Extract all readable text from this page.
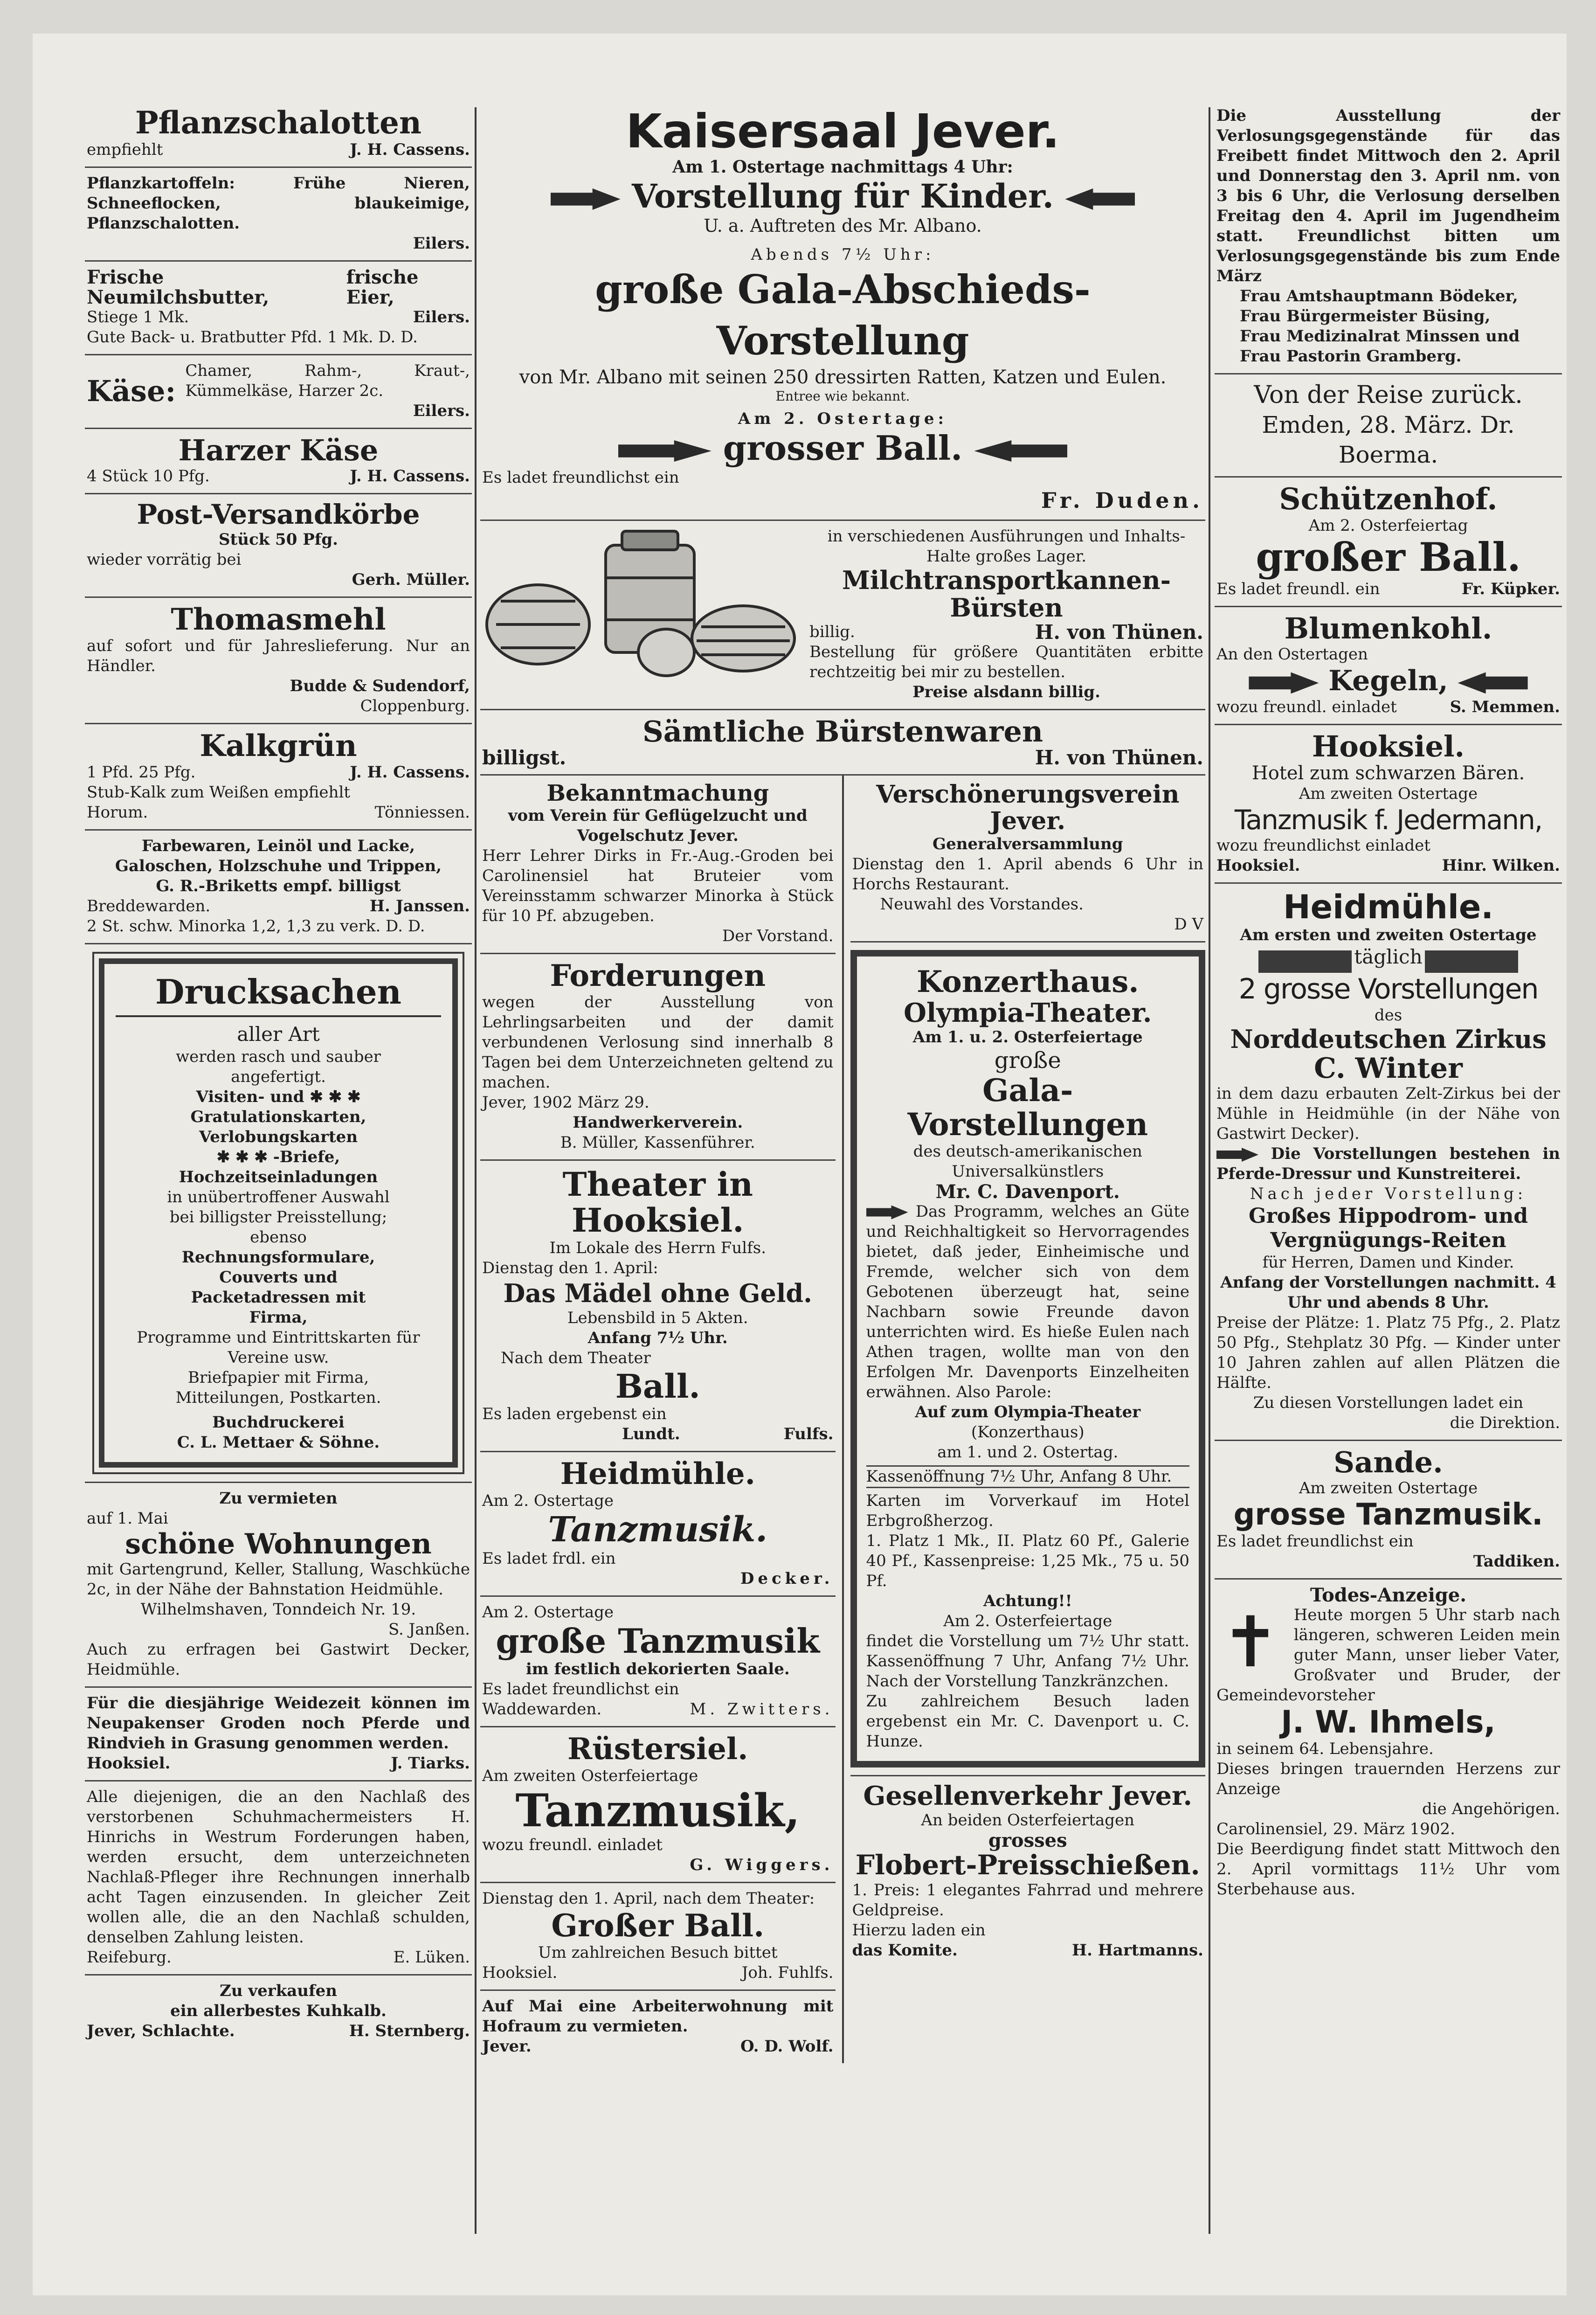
Pflanzschalotten

empfiehlt	J. H. Cassens.

Pflanzkartoffeln: Frühe Nieren, Schneeflocken, blaukeimige, Pflanzschalotten.

Eilers.

Frische Neumilchsbutter,
frische Eier,
Stiege 1 Mk.	Eilers.

Gute Back- u. Bratbutter Pfd. 1 Mk. D. D.

Käse:

Chamer, Rahm-, Kraut-, Kümmelkäse, Harzer 2c.

Eilers.

Harzer Käse

4 Stück 10 Pfg.	J. H. Cassens.

Post-Versandkörbe

Stück 50 Pfg.

wieder vorrätig bei

Gerh. Müller.

Thomasmehl

auf sofort und für Jahreslieferung. Nur an Händler.

Budde & Sudendorf,

Cloppenburg.

Kalkgrün

1 Pfd. 25 Pfg.	J. H. Cassens.

Stub-Kalk zum Weißen empfiehlt

Horum.	Tönniessen.

Farbewaren, Leinöl und Lacke,

Galoschen, Holzschuhe und Trippen,

G. R.-Briketts empf. billigst

Breddewarden.	H. Janssen.

2 St. schw. Minorka 1,2, 1,3 zu verk. D. D.

Drucksachen

aller Art

werden rasch und sauber

angefertigt.

Visiten- und ✱ ✱ ✱

Gratulationskarten,

Verlobungskarten

✱ ✱ ✱ -Briefe,

Hochzeitseinladungen

in unübertroffener Auswahl

bei billigster Preisstellung;

ebenso

Rechnungsformulare,

Couverts und

Packetadressen mit

Firma,

Programme und Eintrittskarten für Vereine usw.

Briefpapier mit Firma,

Mitteilungen, Postkarten.

Buchdruckerei

C. L. Mettaer & Söhne.

Zu vermieten

auf 1. Mai

schöne Wohnungen

mit Gartengrund, Keller, Stallung, Waschküche 2c, in der Nähe der Bahnstation Heidmühle.

Wilhelmshaven, Tonndeich Nr. 19.

S. Janßen.

Auch zu erfragen bei Gastwirt Decker, Heidmühle.

Für die diesjährige Weidezeit können im Neupakenser Groden noch Pferde und Rindvieh in Grasung genommen werden.

Hooksiel.	J. Tiarks.

Alle diejenigen, die an den Nachlaß des verstorbenen Schuhmachermeisters H. Hinrichs in Westrum Forderungen haben, werden ersucht, dem unterzeichneten Nachlaß-Pfleger ihre Rechnungen innerhalb acht Tagen einzusenden. In gleicher Zeit wollen alle, die an den Nachlaß schulden, denselben Zahlung leisten.

Reifeburg.	E. Lüken.

Zu verkaufen

ein allerbestes Kuhkalb.

Jever, Schlachte.	H. Sternberg.

Kaisersaal Jever.

Am 1. Ostertage nachmittags 4 Uhr:

Vorstellung für Kinder.

U. a. Auftreten des Mr. Albano.

Abends 7½ Uhr:

große Gala-Abschieds-Vorstellung

von Mr. Albano mit seinen 250 dressirten Ratten, Katzen und Eulen.

Entree wie bekannt.

Am 2. Ostertage:

grosser Ball.

Es ladet freundlichst ein

Fr. Duden.

in verschiedenen Ausführungen und Inhalts-

Halte großes Lager.

Milchtransportkannen-

Bürsten

billig.	H. von Thünen.

Bestellung für größere Quantitäten erbitte rechtzeitig bei mir zu bestellen.

Preise alsdann billig.

Sämtliche Bürstenwaren

billigst.	H. von Thünen.

Bekanntmachung

vom Verein für Geflügelzucht und Vogelschutz Jever.

Herr Lehrer Dirks in Fr.-Aug.-Groden bei Carolinensiel hat Bruteier vom Vereinsstamm schwarzer Minorka à Stück für 10 Pf. abzugeben.

Der Vorstand.

Forderungen

wegen der Ausstellung von Lehrlingsarbeiten und der damit verbundenen Verlosung sind innerhalb 8 Tagen bei dem Unterzeichneten geltend zu machen.

Jever, 1902 März 29.

Handwerkerverein.

B. Müller, Kassenführer.

Theater in Hooksiel.

Im Lokale des Herrn Fulfs.

Dienstag den 1. April:

Das Mädel ohne Geld.

Lebensbild in 5 Akten.

Anfang 7½ Uhr.

Nach dem Theater

Ball.

Es laden ergebenst ein

Lundt.	Fulfs.

Heidmühle.

Am 2. Ostertage

Tanzmusik.

Es ladet frdl. ein

Decker.

Am 2. Ostertage

große Tanzmusik

im festlich dekorierten Saale.

Es ladet freundlichst ein

Waddewarden.	M. Zwitters.

Rüstersiel.

Am zweiten Osterfeiertage

Tanzmusik,

wozu freundl. einladet

G. Wiggers.

Dienstag den 1. April, nach dem Theater:

Großer Ball.

Um zahlreichen Besuch bittet

Hooksiel.	Joh. Fuhlfs.

Auf Mai eine Arbeiterwohnung mit Hofraum zu vermieten.

Jever.	O. D. Wolf.

Verschönerungsverein Jever.

Generalversammlung

Dienstag den 1. April abends 6 Uhr in Horchs Restaurant.

Neuwahl des Vorstandes.

D V

Konzerthaus.

Olympia-Theater.

Am 1. u. 2. Osterfeiertage

große

Gala-Vorstellungen

des deutsch-amerikanischen Universalkünstlers

Mr. C. Davenport.

Das Programm, welches an Güte und Reichhaltigkeit so Hervorragendes bietet, daß jeder, Einheimische und Fremde, welcher sich von dem Gebotenen überzeugt hat, seine Nachbarn sowie Freunde davon unterrichten wird. Es hieße Eulen nach Athen tragen, wollte man von den Erfolgen Mr. Davenports Einzelheiten erwähnen. Also Parole:

Auf zum Olympia-Theater

(Konzerthaus)

am 1. und 2. Ostertag.

Kassenöffnung 7½ Uhr, Anfang 8 Uhr.

Karten im Vorverkauf im Hotel Erbgroßherzog.

1. Platz 1 Mk., II. Platz 60 Pf., Galerie 40 Pf., Kassenpreise: 1,25 Mk., 75 u. 50 Pf.

Achtung!!

Am 2. Osterfeiertage

findet die Vorstellung um 7½ Uhr statt. Kassenöffnung 7 Uhr, Anfang 7½ Uhr. Nach der Vorstellung Tanzkränzchen.

Zu zahlreichem Besuch laden ergebenst ein Mr. C. Davenport u. C. Hunze.

Gesellenverkehr Jever.

An beiden Osterfeiertagen

grosses

Flobert-Preisschießen.

1. Preis: 1 elegantes Fahrrad und mehrere Geldpreise.

Hierzu laden ein

das Komite.	H. Hartmanns.

Die Ausstellung der Verlosungsgegenstände für das Freibett findet Mittwoch den 2. April und Donnerstag den 3. April nm. von 3 bis 6 Uhr, die Verlosung derselben Freitag den 4. April im Jugendheim statt. Freundlichst bitten um Verlosungsgegenstände bis zum Ende März

Frau Amtshauptmann Bödeker,

Frau Bürgermeister Büsing,

Frau Medizinalrat Minssen und

Frau Pastorin Gramberg.

Von der Reise zurück.

Emden, 28. März. Dr. Boerma.

Schützenhof.

Am 2. Osterfeiertag

großer Ball.

Es ladet freundl. ein	Fr. Küpker.

Blumenkohl.

An den Ostertagen

Kegeln,

wozu freundl. einladet	S. Memmen.

Hooksiel.

Hotel zum schwarzen Bären.

Am zweiten Ostertage

Tanzmusik f. Jedermann,

wozu freundlichst einladet

Hooksiel.	Hinr. Wilken.

Heidmühle.

Am ersten und zweiten Ostertage

täglich

2 grosse Vorstellungen

des

Norddeutschen Zirkus

C. Winter

in dem dazu erbauten Zelt-Zirkus bei der Mühle in Heidmühle (in der Nähe von Gastwirt Decker).

Die Vorstellungen bestehen in Pferde-Dressur und Kunstreiterei.

Nach jeder Vorstellung:

Großes Hippodrom- und Vergnügungs-Reiten

für Herren, Damen und Kinder.

Anfang der Vorstellungen nachmitt. 4 Uhr und abends 8 Uhr.

Preise der Plätze: 1. Platz 75 Pfg., 2. Platz 50 Pfg., Stehplatz 30 Pfg. — Kinder unter 10 Jahren zahlen auf allen Plätzen die Hälfte.

Zu diesen Vorstellungen ladet ein

die Direktion.

Sande.

Am zweiten Ostertage

grosse Tanzmusik.

Es ladet freundlichst ein

Taddiken.

Todes-Anzeige.

✝ Heute morgen 5 Uhr starb nach längeren, schweren Leiden mein guter Mann, unser lieber Vater, Großvater und Bruder, der Gemeindevorsteher

J. W. Ihmels,

in seinem 64. Lebensjahre.

Dieses bringen trauernden Herzens zur Anzeige

die Angehörigen.

Carolinensiel, 29. März 1902.

Die Beerdigung findet statt Mittwoch den 2. April vormittags 11½ Uhr vom Sterbehause aus.
